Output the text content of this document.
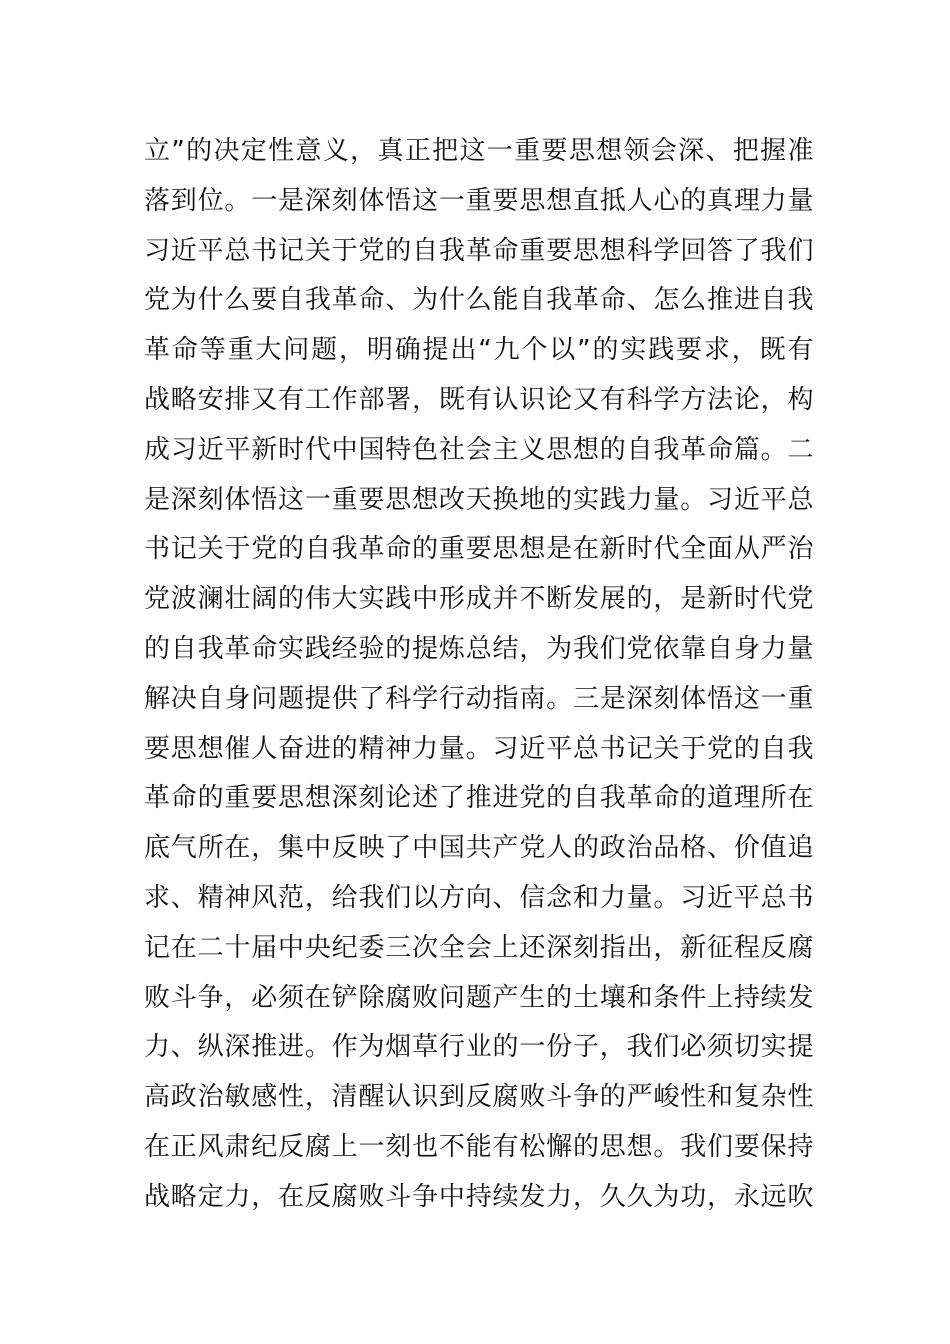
立”的决定性意义，真正把这一重要思想领会深、把握准
落到位。一是深刻体悟这一重要思想直抵人心的真理力量
习近平总书记关于党的自我革命重要思想科学回答了我们
党为什么要自我革命、为什么能自我革命、怎么推进自我
革命等重大问题，明确提出“九个以”的实践要求，既有
战略安排又有工作部署，既有认识论又有科学方法论，构
成习近平新时代中国特色社会主义思想的自我革命篇。二
是深刻体悟这一重要思想改天换地的实践力量。习近平总
书记关于党的自我革命的重要思想是在新时代全面从严治
党波澜壮阔的伟大实践中形成并不断发展的，是新时代党
的自我革命实践经验的提炼总结，为我们党依靠自身力量
解决自身问题提供了科学行动指南。三是深刻体悟这一重
要思想催人奋进的精神力量。习近平总书记关于党的自我
革命的重要思想深刻论述了推进党的自我革命的道理所在
底气所在，集中反映了中国共产党人的政治品格、价值追
求、精神风范，给我们以方向、信念和力量。习近平总书
记在二十届中央纪委三次全会上还深刻指出，新征程反腐
败斗争，必须在铲除腐败问题产生的土壤和条件上持续发
力、纵深推进。作为烟草行业的一份子，我们必须切实提
高政治敏感性，清醒认识到反腐败斗争的严峻性和复杂性
在正风肃纪反腐上一刻也不能有松懈的思想。我们要保持
战略定力，在反腐败斗争中持续发力，久久为功，永远吹
